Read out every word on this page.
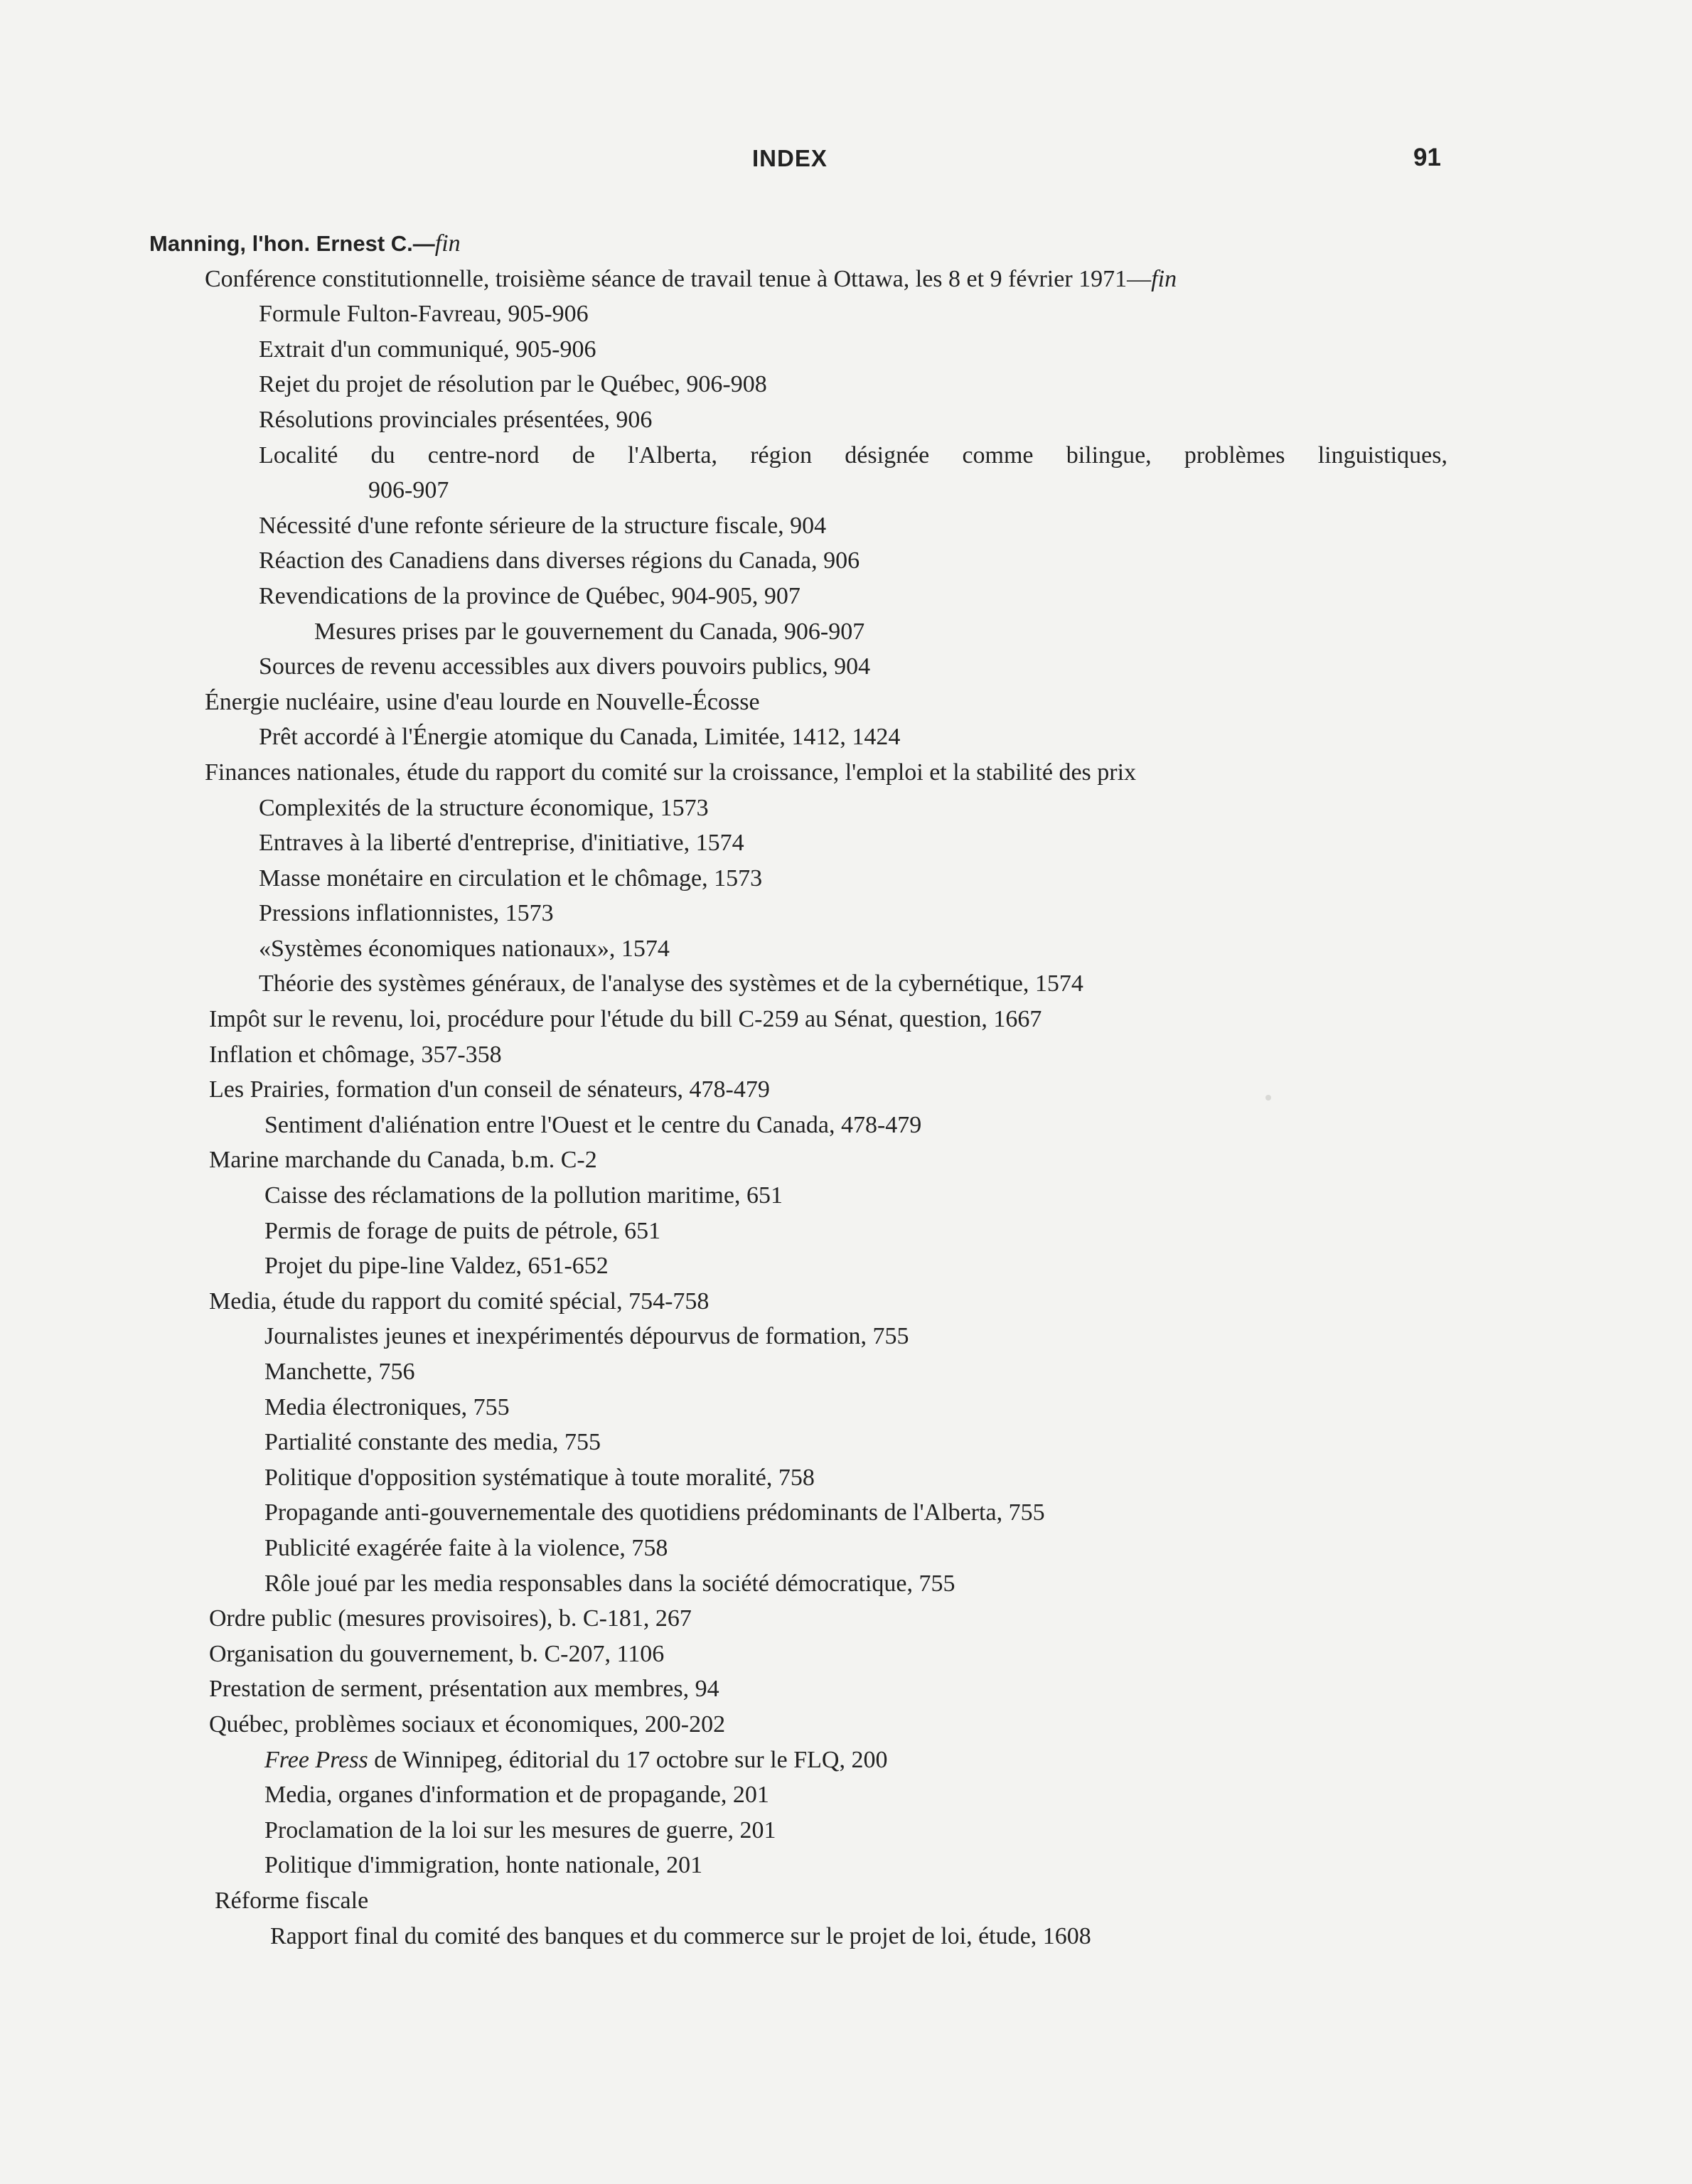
INDEX	91
Manning, l'hon. Ernest C.—fin
Conférence constitutionnelle, troisième séance de travail tenue à Ottawa, les 8 et 9 février 1971—fin
Formule Fulton-Favreau, 905-906
Extrait d'un communiqué, 905-906
Rejet du projet de résolution par le Québec, 906-908
Résolutions provinciales présentées, 906
Localité du centre-nord de l'Alberta, région désignée comme bilingue, problèmes linguistiques,
906-907
Nécessité d'une refonte sérieure de la structure fiscale, 904
Réaction des Canadiens dans diverses régions du Canada, 906
Revendications de la province de Québec, 904-905, 907
Mesures prises par le gouvernement du Canada, 906-907
Sources de revenu accessibles aux divers pouvoirs publics, 904
Énergie nucléaire, usine d'eau lourde en Nouvelle-Écosse
Prêt accordé à l'Énergie atomique du Canada, Limitée, 1412, 1424
Finances nationales, étude du rapport du comité sur la croissance, l'emploi et la stabilité des prix
Complexités de la structure économique, 1573
Entraves à la liberté d'entreprise, d'initiative, 1574
Masse monétaire en circulation et le chômage, 1573
Pressions inflationnistes, 1573
«Systèmes économiques nationaux», 1574
Théorie des systèmes généraux, de l'analyse des systèmes et de la cybernétique, 1574
Impôt sur le revenu, loi, procédure pour l'étude du bill C-259 au Sénat, question, 1667
Inflation et chômage, 357-358
Les Prairies, formation d'un conseil de sénateurs, 478-479
Sentiment d'aliénation entre l'Ouest et le centre du Canada, 478-479
Marine marchande du Canada, b.m. C-2
Caisse des réclamations de la pollution maritime, 651
Permis de forage de puits de pétrole, 651
Projet du pipe-line Valdez, 651-652
Media, étude du rapport du comité spécial, 754-758
Journalistes jeunes et inexpérimentés dépourvus de formation, 755
Manchette, 756
Media électroniques, 755
Partialité constante des media, 755
Politique d'opposition systématique à toute moralité, 758
Propagande anti-gouvernementale des quotidiens prédominants de l'Alberta, 755
Publicité exagérée faite à la violence, 758
Rôle joué par les media responsables dans la société démocratique, 755
Ordre public (mesures provisoires), b. C-181, 267
Organisation du gouvernement, b. C-207, 1106
Prestation de serment, présentation aux membres, 94
Québec, problèmes sociaux et économiques, 200-202
Free Press de Winnipeg, éditorial du 17 octobre sur le FLQ, 200
Media, organes d'information et de propagande, 201
Proclamation de la loi sur les mesures de guerre, 201
Politique d'immigration, honte nationale, 201
Réforme fiscale
Rapport final du comité des banques et du commerce sur le projet de loi, étude, 1608
